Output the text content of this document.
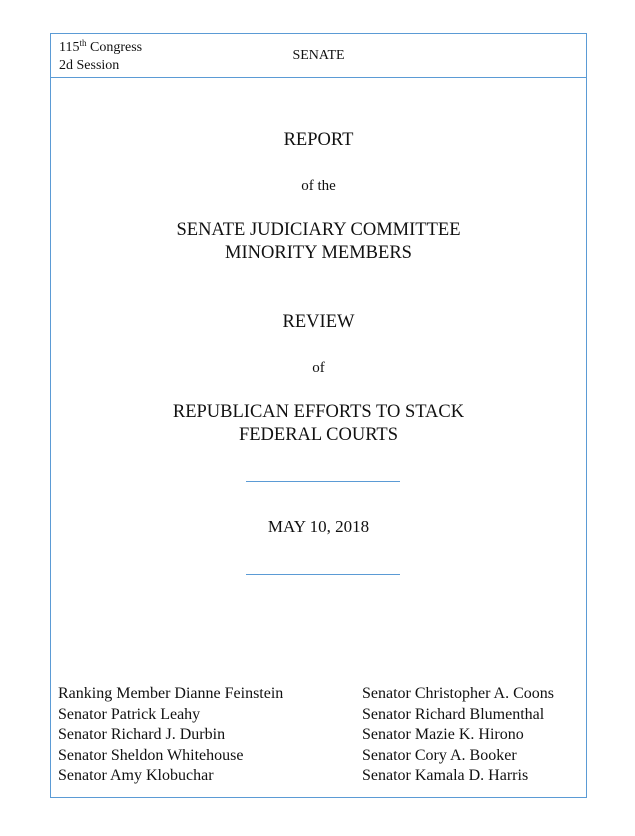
115th Congress
2d Session
SENATE
REPORT
of the
SENATE JUDICIARY COMMITTEE
MINORITY MEMBERS
REVIEW
of
REPUBLICAN EFFORTS TO STACK
FEDERAL COURTS
MAY 10, 2018
Ranking Member Dianne Feinstein
Senator Patrick Leahy
Senator Richard J. Durbin
Senator Sheldon Whitehouse
Senator Amy Klobuchar
Senator Christopher A. Coons
Senator Richard Blumenthal
Senator Mazie K. Hirono
Senator Cory A. Booker
Senator Kamala D. Harris
